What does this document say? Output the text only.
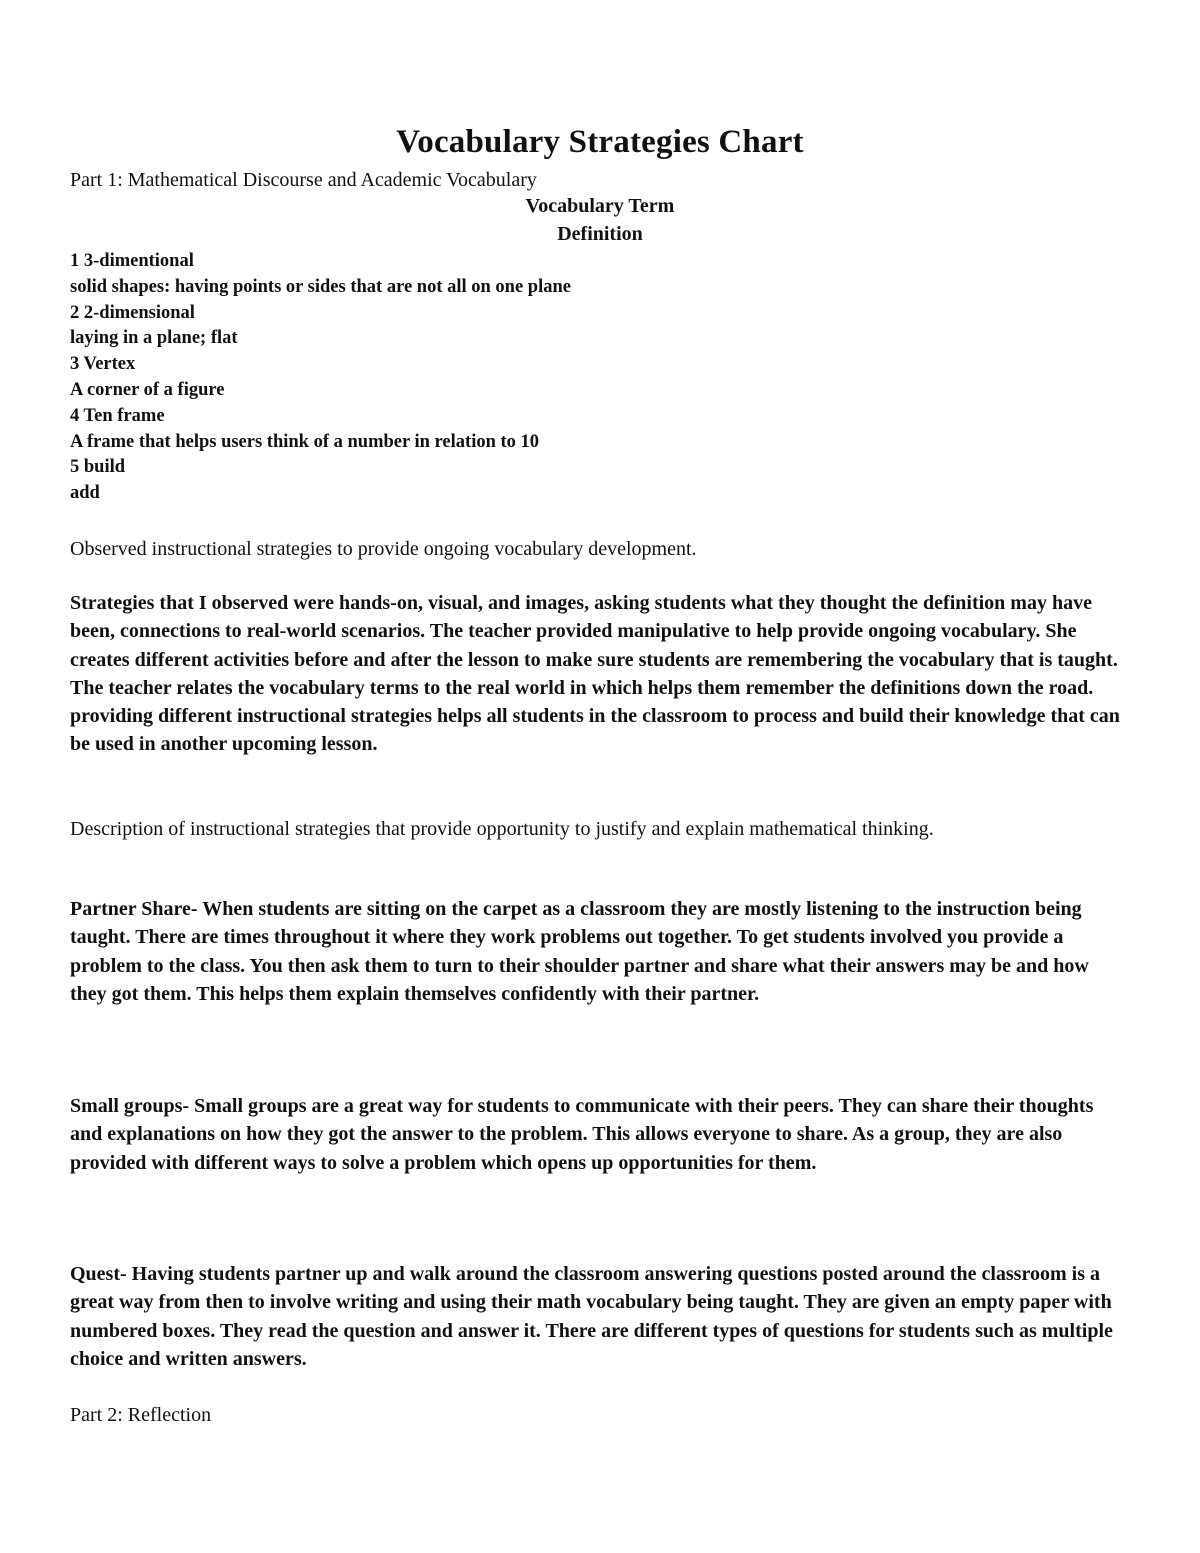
Vocabulary Strategies Chart
Part 1: Mathematical Discourse and Academic Vocabulary
Vocabulary Term
Definition
1 3-dimentional
solid shapes: having points or sides that are not all on one plane
2 2-dimensional
laying in a plane; flat
3 Vertex
A corner of a figure
4 Ten frame
A frame that helps users think of a number in relation to 10
5 build
add
Observed instructional strategies to provide ongoing vocabulary development.
Strategies that I observed were hands-on, visual, and images, asking students what they thought the definition may have been, connections to real-world scenarios. The teacher provided manipulative to help provide ongoing vocabulary. She creates different activities before and after the lesson to make sure students are remembering the vocabulary that is taught. The teacher relates the vocabulary terms to the real world in which helps them remember the definitions down the road. providing different instructional strategies helps all students in the classroom to process and build their knowledge that can be used in another upcoming lesson.
Description of instructional strategies that provide opportunity to justify and explain mathematical thinking.
Partner Share- When students are sitting on the carpet as a classroom they are mostly listening to the instruction being taught. There are times throughout it where they work problems out together. To get students involved you provide a problem to the class. You then ask them to turn to their shoulder partner and share what their answers may be and how they got them. This helps them explain themselves confidently with their partner.
Small groups- Small groups are a great way for students to communicate with their peers. They can share their thoughts and explanations on how they got the answer to the problem. This allows everyone to share. As a group, they are also provided with different ways to solve a problem which opens up opportunities for them.
Quest- Having students partner up and walk around the classroom answering questions posted around the classroom is a great way from then to involve writing and using their math vocabulary being taught. They are given an empty paper with numbered boxes. They read the question and answer it. There are different types of questions for students such as multiple choice and written answers.
Part 2: Reflection
